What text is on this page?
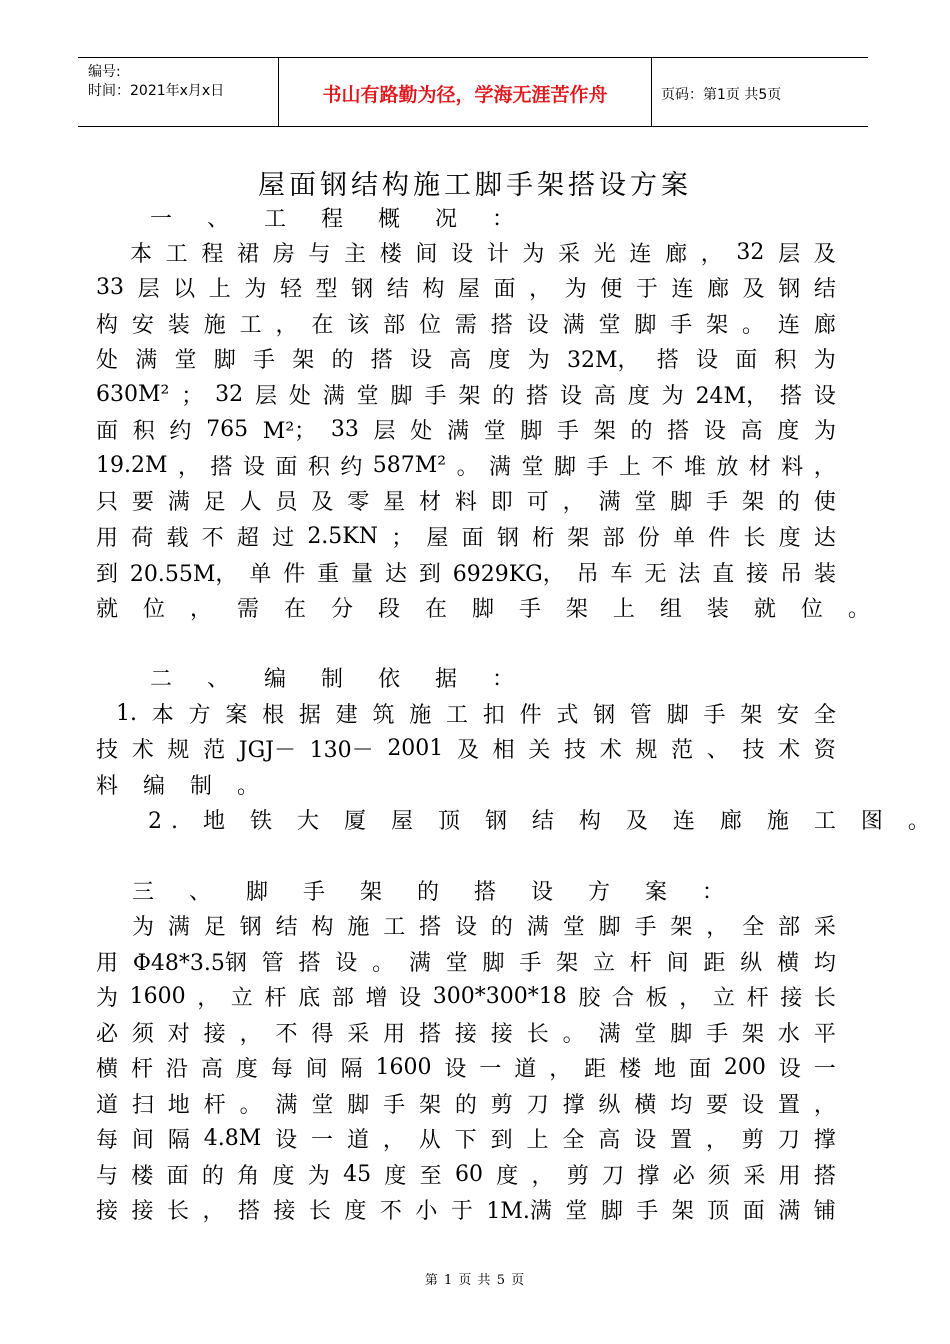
编号:
时间：2021年x月x日	书山有路勤为径，学海无涯苦作舟	页码：第1页 共5页
屋面钢结构施工脚手架搭设方案
一 、 工 程 概 况 ：
本 工 程 裙 房 与 主 楼 间 设 计 为 采 光 连 廊 ， 32 层 及
33 层 以 上 为 轻 型 钢 结 构 屋 面 ， 为 便 于 连 廊 及 钢 结
构 安 装 施 工 ， 在 该 部 位 需 搭 设 满 堂 脚 手 架 。 连 廊
处 满 堂 脚 手 架 的 搭 设 高 度 为 32M， 搭 设 面 积 为
630M² ； 32 层 处 满 堂 脚 手 架 的 搭 设 高 度 为 24M， 搭 设
面 积 约 765 M²； 33 层 处 满 堂 脚 手 架 的 搭 设 高 度 为
19.2M ， 搭 设 面 积 约 587M² 。 满 堂 脚 手 上 不 堆 放 材 料 ，
只 要 满 足 人 员 及 零 星 材 料 即 可 ， 满 堂 脚 手 架 的 使
用 荷 载 不 超 过 2.5KN ； 屋 面 钢 桁 架 部 份 单 件 长 度 达
到 20.55M， 单 件 重 量 达 到 6929KG， 吊 车 无 法 直 接 吊 装
就 位 ， 需 在 分 段 在 脚 手 架 上 组 装 就 位 。
二 、 编 制 依 据 ：
1. 本 方 案 根 据 建 筑 施 工 扣 件 式 钢 管 脚 手 架 安 全
技 术 规 范 JGJ－ 130－ 2001 及 相 关 技 术 规 范 、 技 术 资
料 编 制 。
2. 地 铁 大 厦 屋 顶 钢 结 构 及 连 廊 施 工 图 。
三 、 脚 手 架 的 搭 设 方 案 ：
为 满 足 钢 结 构 施 工 搭 设 的 满 堂 脚 手 架 ， 全 部 采
用 Φ48*3.5钢 管 搭 设 。 满 堂 脚 手 架 立 杆 间 距 纵 横 均
为 1600 ， 立 杆 底 部 增 设 300*300*18 胶 合 板 ， 立 杆 接 长
必 须 对 接 ， 不 得 采 用 搭 接 接 长 。 满 堂 脚 手 架 水 平
横 杆 沿 高 度 每 间 隔 1600 设 一 道 ， 距 楼 地 面 200 设 一
道 扫 地 杆 。 满 堂 脚 手 架 的 剪 刀 撑 纵 横 均 要 设 置 ，
每 间 隔 4.8M 设 一 道 ， 从 下 到 上 全 高 设 置 ， 剪 刀 撑
与 楼 面 的 角 度 为 45 度 至 60 度 ， 剪 刀 撑 必 须 采 用 搭
接 接 长 ， 搭 接 长 度 不 小 于 1M.满 堂 脚 手 架 顶 面 满 铺
第 1 页 共 5 页
